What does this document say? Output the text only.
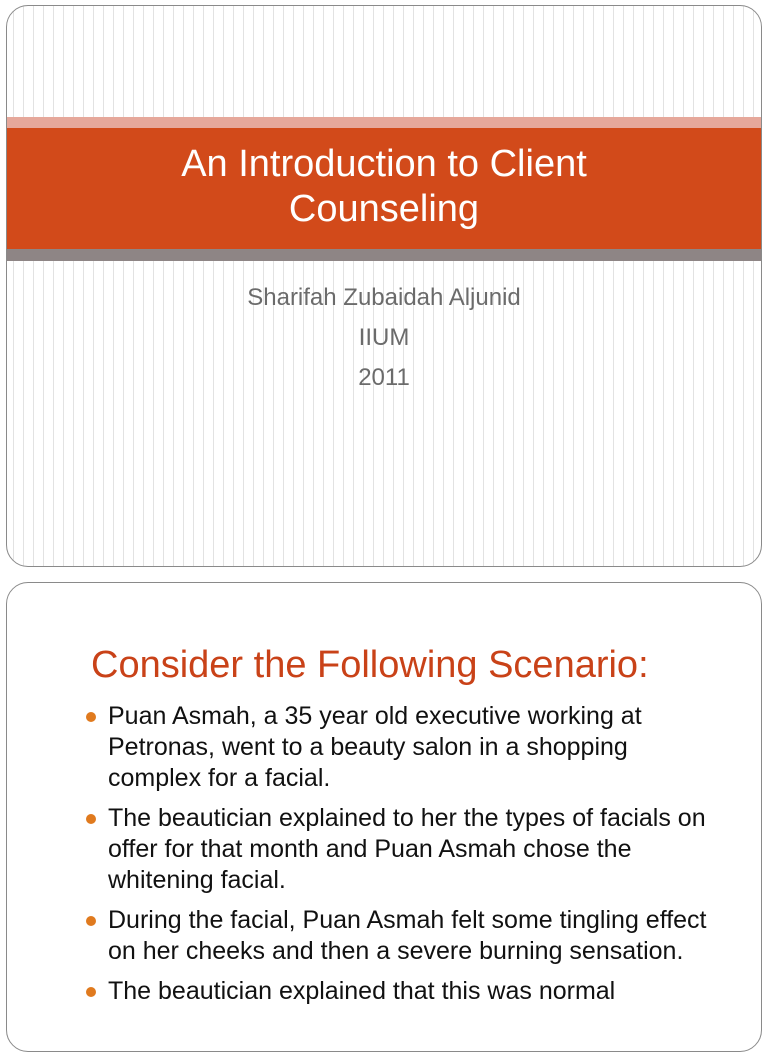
An Introduction to Client
Counseling
Sharifah Zubaidah Aljunid
IIUM
2011
Consider the Following Scenario:
Puan Asmah, a 35 year old executive working at Petronas, went to a beauty salon in a shopping complex for a facial.
The beautician explained to her the types of facials on offer for that month and Puan Asmah chose the whitening facial.
During the facial, Puan Asmah felt some tingling effect on her cheeks and then a severe burning sensation.
The beautician explained that this was normal
